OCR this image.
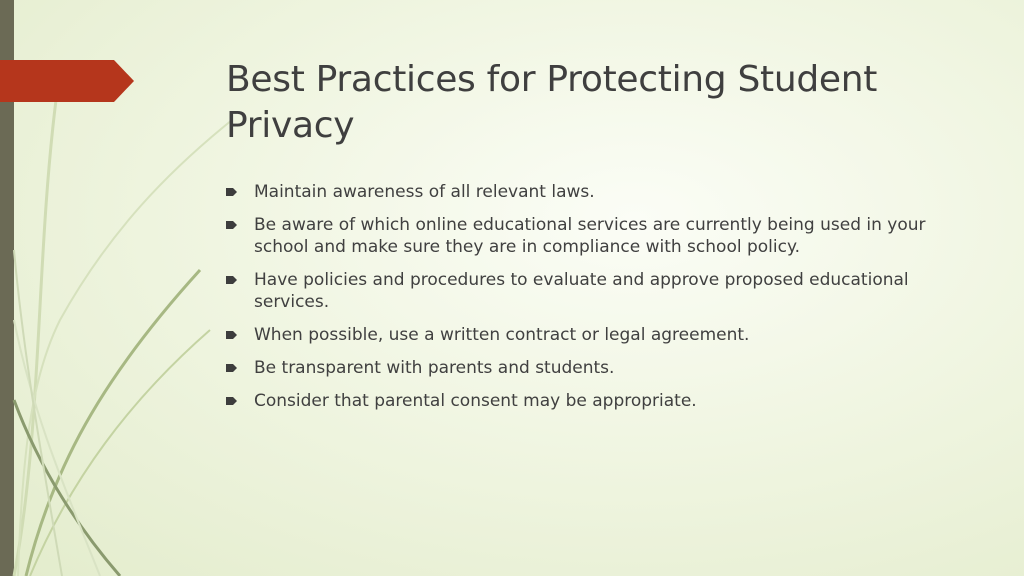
Best Practices for Protecting Student Privacy
Maintain awareness of all relevant laws.
Be aware of which online educational services are currently being used in your school and make sure they are in compliance with school policy.
Have policies and procedures to evaluate and approve proposed educational services.
When possible, use a written contract or legal agreement.
Be transparent with parents and students.
Consider that parental consent may be appropriate.
